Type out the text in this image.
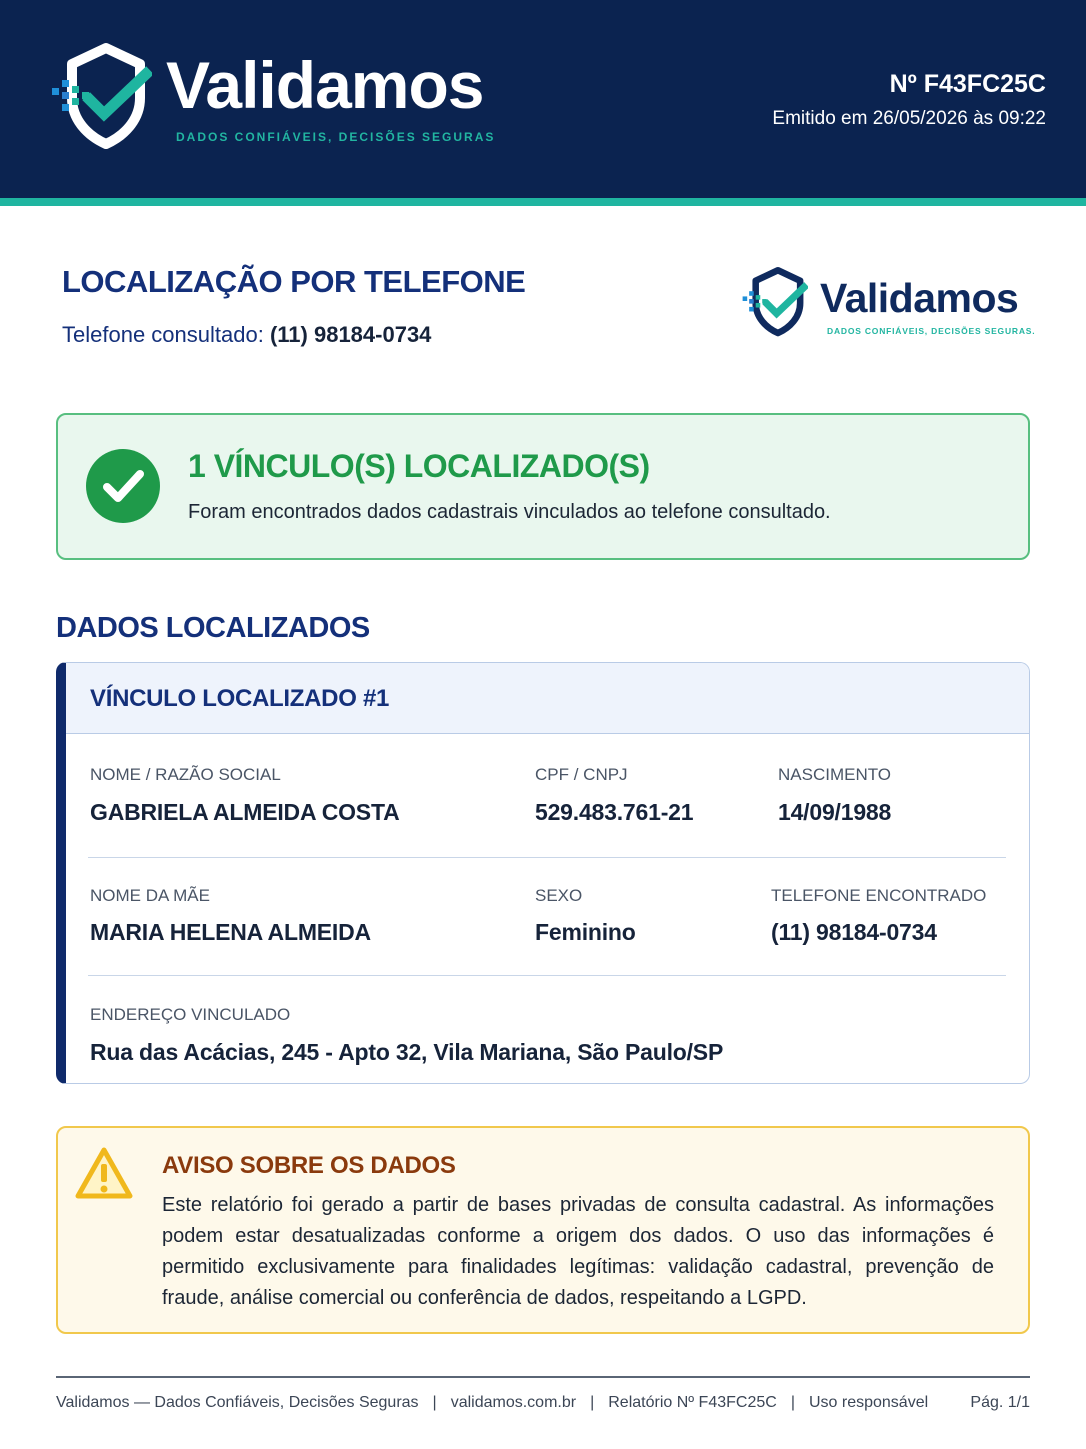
Validamos
DADOS CONFIÁVEIS, DECISÕES SEGURAS
Nº F43FC25C
Emitido em 26/05/2026 às 09:22
LOCALIZAÇÃO POR TELEFONE
Telefone consultado: (11) 98184-0734
Validamos
DADOS CONFIÁVEIS, DECISÕES SEGURAS.
1 VÍNCULO(S) LOCALIZADO(S)
Foram encontrados dados cadastrais vinculados ao telefone consultado.
DADOS LOCALIZADOS
VÍNCULO LOCALIZADO #1
NOME / RAZÃO SOCIAL
GABRIELA ALMEIDA COSTA
CPF / CNPJ
529.483.761-21
NASCIMENTO
14/09/1988
NOME DA MÃE
MARIA HELENA ALMEIDA
SEXO
Feminino
TELEFONE ENCONTRADO
(11) 98184-0734
ENDEREÇO VINCULADO
Rua das Acácias, 245 - Apto 32, Vila Mariana, São Paulo/SP
AVISO SOBRE OS DADOS
Este relatório foi gerado a partir de bases privadas de consulta cadastral. As informações podem estar desatualizadas conforme a origem dos dados. O uso das informações é permitido exclusivamente para finalidades legítimas: validação cadastral, prevenção de fraude, análise comercial ou conferência de dados, respeitando a LGPD.
Validamos — Dados Confiáveis, Decisões Seguras | validamos.com.br | Relatório Nº F43FC25C | Uso responsável	Pág. 1/1
